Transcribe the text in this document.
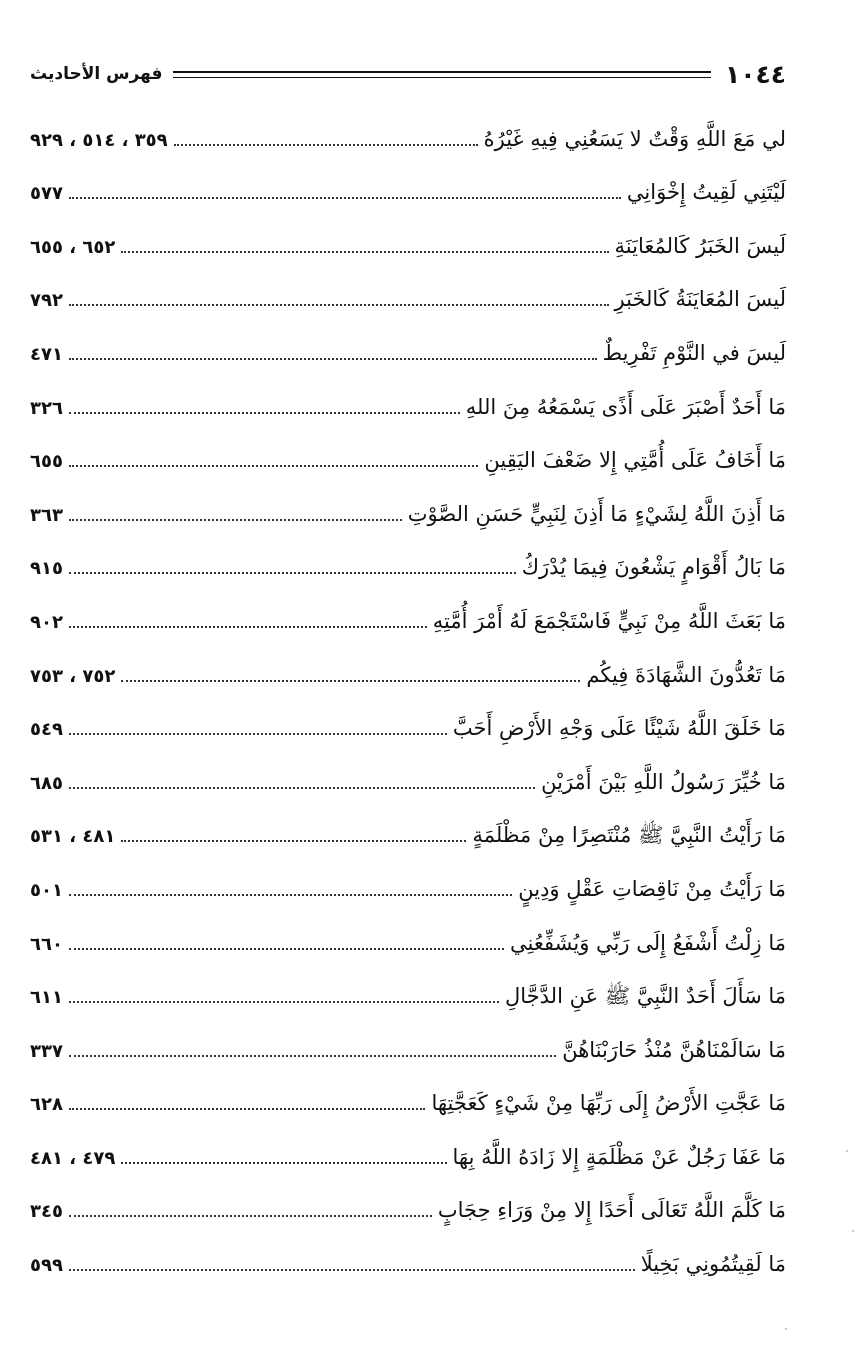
١٠٤٤
فهرس الأحاديث
لي مَعَ اللَّهِ وَقْتٌ لا يَسَعُنِي فِيهِ غَيْرُهُ
٣٥٩ ، ٥١٤ ، ٩٢٩
لَيْتَنِي لَقِيتُ إِخْوَانِي
٥٧٧
لَيسَ الخَبَرُ كَالمُعَايَنَةِ
٦٥٢ ، ٦٥٥
لَيسَ المُعَايَنَةُ كَالخَبَرِ
٧٩٢
لَيسَ في النَّوْمِ تَفْرِيطٌ
٤٧١
مَا أَحَدٌ أَصْبَرَ عَلَى أَذًى يَسْمَعُهُ مِنَ اللهِ
٣٢٦
مَا أَخَافُ عَلَى أُمَّتِي إِلا ضَعْفَ اليَقِينِ
٦٥٥
مَا أَذِنَ اللَّهُ لِشَيْءٍ مَا أَذِنَ لِنَبِيٍّ حَسَنِ الصَّوْتِ
٣٦٣
مَا بَالُ أَقْوَامٍ يَشْعُونَ فِيمَا يُدْرَكُ
٩١٥
مَا بَعَثَ اللَّهُ مِنْ نَبِيٍّ فَاسْتَجْمَعَ لَهُ أَمْرَ أُمَّتِهِ
٩٠٢
مَا تَعُدُّونَ الشَّهَادَةَ فِيكُم
٧٥٢ ، ٧٥٣
مَا خَلَقَ اللَّهُ شَيْئًا عَلَى وَجْهِ الأَرْضِ أَحَبَّ
٥٤٩
مَا خُيِّرَ رَسُولُ اللَّهِ بَيْنَ أَمْرَيْنِ
٦٨٥
مَا رَأَيْتُ النَّبِيَّ ﷺ مُنْتَصِرًا مِنْ مَظْلَمَةٍ
٤٨١ ، ٥٣١
مَا رَأَيْتُ مِنْ نَاقِصَاتِ عَقْلٍ وَدِينٍ
٥٠١
مَا زِلْتُ أَشْفَعُ إِلَى رَبِّي وَيُشَفِّعُنِي
٦٦٠
مَا سَأَلَ أَحَدٌ النَّبِيَّ ﷺ عَنِ الدَّجَّالِ
٦١١
مَا سَالَمْنَاهُنَّ مُنْذُ حَارَبْنَاهُنَّ
٣٣٧
مَا عَجَّتِ الأَرْضُ إِلَى رَبِّهَا مِنْ شَيْءٍ كَعَجَّتِهَا
٦٢٨
مَا عَفَا رَجُلٌ عَنْ مَظْلَمَةٍ إِلا زَادَهُ اللَّهُ بِهَا
٤٧٩ ، ٤٨١
مَا كَلَّمَ اللَّهُ تَعَالَى أَحَدًا إِلا مِنْ وَرَاءِ حِجَابٍ
٣٤٥
مَا لَقِيتُمُونِي بَخِيلًا
٥٩٩
